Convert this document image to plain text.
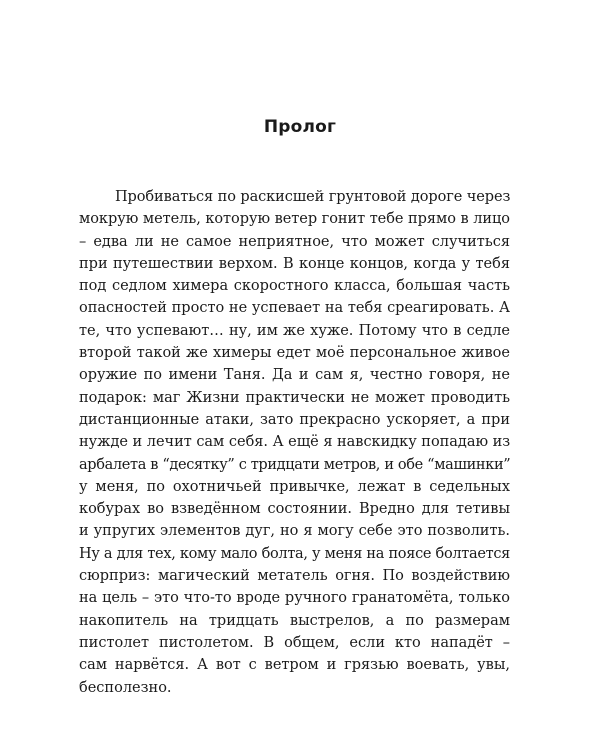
Пролог
Пробиваться по раскисшей грунтовой дороге через
мокрую метель, которую ветер гонит тебе прямо в лицо
– едва ли не самое неприятное, что может случиться
при путешествии верхом. В конце концов, когда у тебя
под седлом химера скоростного класса, большая часть
опасностей просто не успевает на тебя среагировать. А
те, что успевают… ну, им же хуже. Потому что в седле
второй такой же химеры едет моё персональное живое
оружие по имени Таня. Да и сам я, честно говоря, не
подарок: маг Жизни практически не может проводить
дистанционные атаки, зато прекрасно ускоряет, а при
нужде и лечит сам себя. А ещё я навскидку попадаю из
арбалета в “десятку” с тридцати метров, и обе “машинки”
у меня, по охотничьей привычке, лежат в седельных
кобурах во взведённом состоянии. Вредно для тетивы
и упругих элементов дуг, но я могу себе это позволить.
Ну а для тех, кому мало болта, у меня на поясе болтается
сюрприз: магический метатель огня. По воздействию
на цель – это что-то вроде ручного гранатомёта, только
накопитель на тридцать выстрелов, а по размерам
пистолет пистолетом. В общем, если кто нападёт –
сам нарвётся. А вот с ветром и грязью воевать, увы,
бесполезно.
